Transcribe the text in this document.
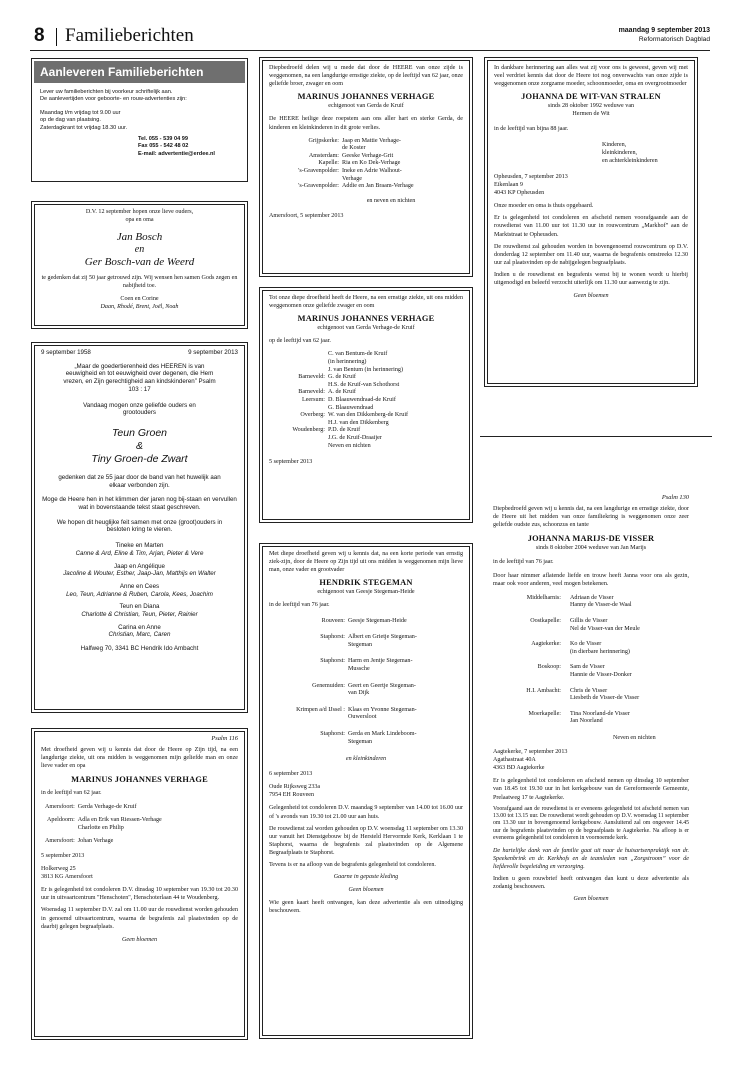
8 Familieberichten	maandag 9 september 2013
Reformatorisch Dagblad
Aanleveren Familieberichten
Lever uw familieberichten bij voorkeur schriftelijk aan.
De aanlevertijden voor geboorte- en rouw-advertenties zijn:
Maandag t/m vrijdag tot 9.00 uur
op de dag van plaatsing.
Zaterdagkrant tot vrijdag 18.30 uur.
Tel. 055 - 539 04 99
Fax 055 - 542 48 02
E-mail: advertentie@erdee.nl
D.V. 12 september hopen onze lieve ouders,
opa en oma
Jan Bosch
en
Ger Bosch-van de Weerd
te gedenken dat zij 50 jaar getrouwd zijn. Wij wensen hen samen Gods zegen en nabijheid toe.
Coen en Corine
Daan, Rhodé, Brent, Joël, Noah
9 september 1958	9 september 2013
„Maar de goedertierenheid des HEEREN is van eeuwigheid en tot eeuwigheid over degenen, die Hem vrezen, en Zijn gerechtigheid aan kindskinderen” Psalm 103 : 17
Vandaag mogen onze geliefde ouders en grootouders
Teun Groen
&
Tiny Groen-de Zwart
gedenken dat ze 55 jaar door de band van het huwelijk aan elkaar verbonden zijn.
Moge de Heere hen in het klimmen der jaren nog bij-staan en vervullen wat in bovenstaande tekst staat geschreven.
We hopen dit heuglijke feit samen met onze (groot)ouders in besloten kring te vieren.
Tineke en Marten
Canne & Ard, Eline & Tim, Arjan, Pieter & Vere
Jaap en Angélique
Jacoline & Wouter, Esther, Jaap-Jan, Matthijs en Walter
Anne en Cees
Leo, Teun, Adrianne & Ruben, Carola, Kees, Joachim
Teun en Diana
Charlotte & Christian, Teun, Pieter, Rainier
Carina en Anne
Christian, Marc, Caren
Halfweg 70, 3341 BC Hendrik Ido Ambacht
Psalm 116
Met droefheid geven wij u kennis dat door de Heere op Zijn tijd, na een langdurige ziekte, uit ons midden is weggenomen mijn geliefde man en onze lieve vader en opa
MARINUS JOHANNES VERHAGE
in de leeftijd van 62 jaar.
Amersfoort:	Gerda Verhage-de Kruif
Apeldoorn:	Adla en Erik van Riessen-Verhage
Charlotte en Philip
Amersfoort:	Johan Verhage
5 september 2013
Holkerweg 25
3813 KG Amersfoort

Er is gelegenheid tot condoleren D.V. dinsdag 10 september van 19.30 tot 20.30 uur in uitvaartcentrum "Henschoten", Henschoterlaan 44 te Woudenberg.

Woensdag 11 september D.V. zal om 11.00 uur de rouwdienst worden gehouden in genoemd uitvaartcentrum, waarna de begrafenis zal plaatsvinden op de daarbij gelegen begraafplaats.

Geen bloemen
Diepbedroefd delen wij u mede dat door de HEERE van onze zijde is weggenomen, na een langdurige ernstige ziekte, op de leeftijd van 62 jaar, onze geliefde broer, zwager en oom
MARINUS JOHANNES VERHAGE
echtgenoot van Gerda de Kruif
De HEERE heilige deze roepstem aan ons aller hart en sterke Gerda, de kinderen en kleinkinderen in dit grote verlies.
Grijpskerke:	Jaap en Mattie Verhage-
de Koster
Amsterdam:	Geeske Verhage-Grit
Kapelle:	Ria en Ko Dek-Verhage
's-Gravenpolder:	Ineke en Adrie Walhout-
Verhage
's-Gravenpolder:	Addie en Jan Braam-Verhage
en neven en nichten
Amersfoort, 5 september 2013
Tot onze diepe droefheid heeft de Heere, na een ernstige ziekte, uit ons midden weggenomen onze geliefde zwager en oom
MARINUS JOHANNES VERHAGE
echtgenoot van Gerda Verhage-de Kruif
op de leeftijd van 62 jaar.
	C. van Bentum-de Kruif
(in herinnering)
J. van Bentum (in herinnering)
Barneveld:	G. de Kruif
H.S. de Kruif-van Schothorst
Barneveld:	A. de Kruif
Leersum:	D. Blaauwendraad-de Kruif
G. Blaauwendraad
Overberg:	W. van den Dikkenberg-de Kruif
H.J. van den Dikkenberg
Woudenberg:	P.D. de Kruif
J.G. de Kruif-Draaijer
Neven en nichten
5 september 2013
Met diepe droefheid geven wij u kennis dat, na een korte periode van ernstig ziek-zijn, door de Heere op Zijn tijd uit ons midden is weggenomen mijn lieve man, onze vader en grootvader
HENDRIK STEGEMAN
echtgenoot van Geesje Stegeman-Heide
in de leeftijd van 76 jaar.
Rouveen:	Geesje Stegeman-Heide
Staphorst:	Albert en Grietje Stegeman-
Stegeman
Staphorst:	Harm en Jentje Stegeman-
Mussche
Genemuiden:	Geert en Geertje Stegeman-
van Dijk
Krimpen a/d IJssel :	Klaas en Yvonne Stegeman-
Ouwersloot
Staphorst:	Gerda en Mark Lindeboom-
Stegeman
en kleinkinderen
6 september 2013
Oude Rijksweg 233a
7954 EH Rouveen

Gelegenheid tot condoleren D.V. maandag 9 september van 14.00 tot 16.00 uur of 's avonds van 19.30 tot 21.00 uur aan huis.

De rouwdienst zal worden gehouden op D.V. woensdag 11 september om 13.30 uur vanuit het Dienstgebouw bij de Hersteld Hervormde Kerk, Kerklaan 1 te Staphorst, waarna de begrafenis zal plaatsvinden op de Algemene Begraafplaats te Staphorst.

Tevens is er na afloop van de begrafenis gelegenheid tot condoleren.

Gaarne in gepaste kleding
Geen bloemen
Wie geen kaart heeft ontvangen, kan deze advertentie als een uitnodiging beschouwen.
In dankbare herinnering aan alles wat zij voor ons is geweest, geven wij met veel verdriet kennis dat door de Heere tot nog onverwachts van onze zijde is weggenomen onze zorgzame moeder, schoonmoeder, oma en overgrootmoeder
JOHANNA DE WIT-VAN STRALEN
sinds 28 oktober 1992 weduwe van
Hermen de Wit
in de leeftijd van bijna 88 jaar.
Kinderen,
kleinkinderen,
en achterkleinkinderen
Opheusden, 7 september 2013
Eikenlaan 9
4043 KP Opheusden

Onze moeder en oma is thuis opgebaard.

Er is gelegenheid tot condoleren en afscheid nemen voorafgaande aan de rouwdienst van 11.00 uur tot 11.30 uur in rouwcentrum „Markhof” aan de Marktstraat te Opheusden.

De rouwdienst zal gehouden worden in bovengenoemd rouwcentrum op D.V. donderdag 12 september om 11.40 uur, waarna de begrafenis omstreeks 12.30 uur zal plaatsvinden op de nabijgelegen begraafplaats.

Indien u de rouwdienst en begrafenis wenst bij te wonen wordt u hierbij uitgenodigd en beleefd verzocht uiterlijk om 11.30 uur aanwezig te zijn.

Geen bloemen
Psalm 130
Diepbedroefd geven wij u kennis dat, na een langdurige en ernstige ziekte, door de Heere uit het midden van onze familiekring is weggenomen onze zeer geliefde oudste zus, schoonzus en tante
JOHANNA MARIJS-DE VISSER
sinds 8 oktober 2004 weduwe van Jan Marijs
in de leeftijd van 76 jaar.
Door haar nimmer aflatende liefde en trouw heeft Janna voor ons als gezin, maar ook voor anderen, veel mogen betekenen.
Middelharnis:	Adriaan de Visser
Hanny de Visser-de Waal
Oostkapelle:	Gillis de Visser
Nel de Visser-van der Meule
Aagtekerke:	Ko de Visser
(in dierbare herinnering)
Boskoop:	Sam de Visser
Hannie de Visser-Donker
H.I. Ambacht:	Chris de Visser
Liesbeth de Visser-de Visser
Moerkapelle:	Tina Noorland-de Visser
Jan Noorland
Neven en nichten
Aagtekerke, 7 september 2013
Agathastraat 40A
4363 BD Aagtekerke

Er is gelegenheid tot condoleren en afscheid nemen op dinsdag 10 september van 18.45 tot 19.30 uur in het kerkgebouw van de Gereformeerde Gemeente, Prelaatweg 17 te Aagtekerke.

Voorafgaand aan de rouwdienst is er eveneens gelegenheid tot afscheid nemen van 13.00 tot 13.15 uur. De rouwdienst wordt gehouden op D.V. woensdag 11 september om 13.30 uur in bovengenoemd kerkgebouw. Aansluitend zal om ongeveer 14.45 uur de begrafenis plaatsvinden op de begraafplaats te Aagtekerke. Na afloop is er eveneens gelegenheid tot condoleren in voornoemde kerk.

De hartelijke dank van de familie gaat uit naar de huisartsenpraktijk van dr. Speekenbrink en dr. Kerkhofs en de teamleden van „Zorgstroom” voor de liefdevolle begeleiding en verzorging.

Indien u geen rouwbrief heeft ontvangen dan kunt u deze advertentie als zodanig beschouwen.

Geen bloemen
